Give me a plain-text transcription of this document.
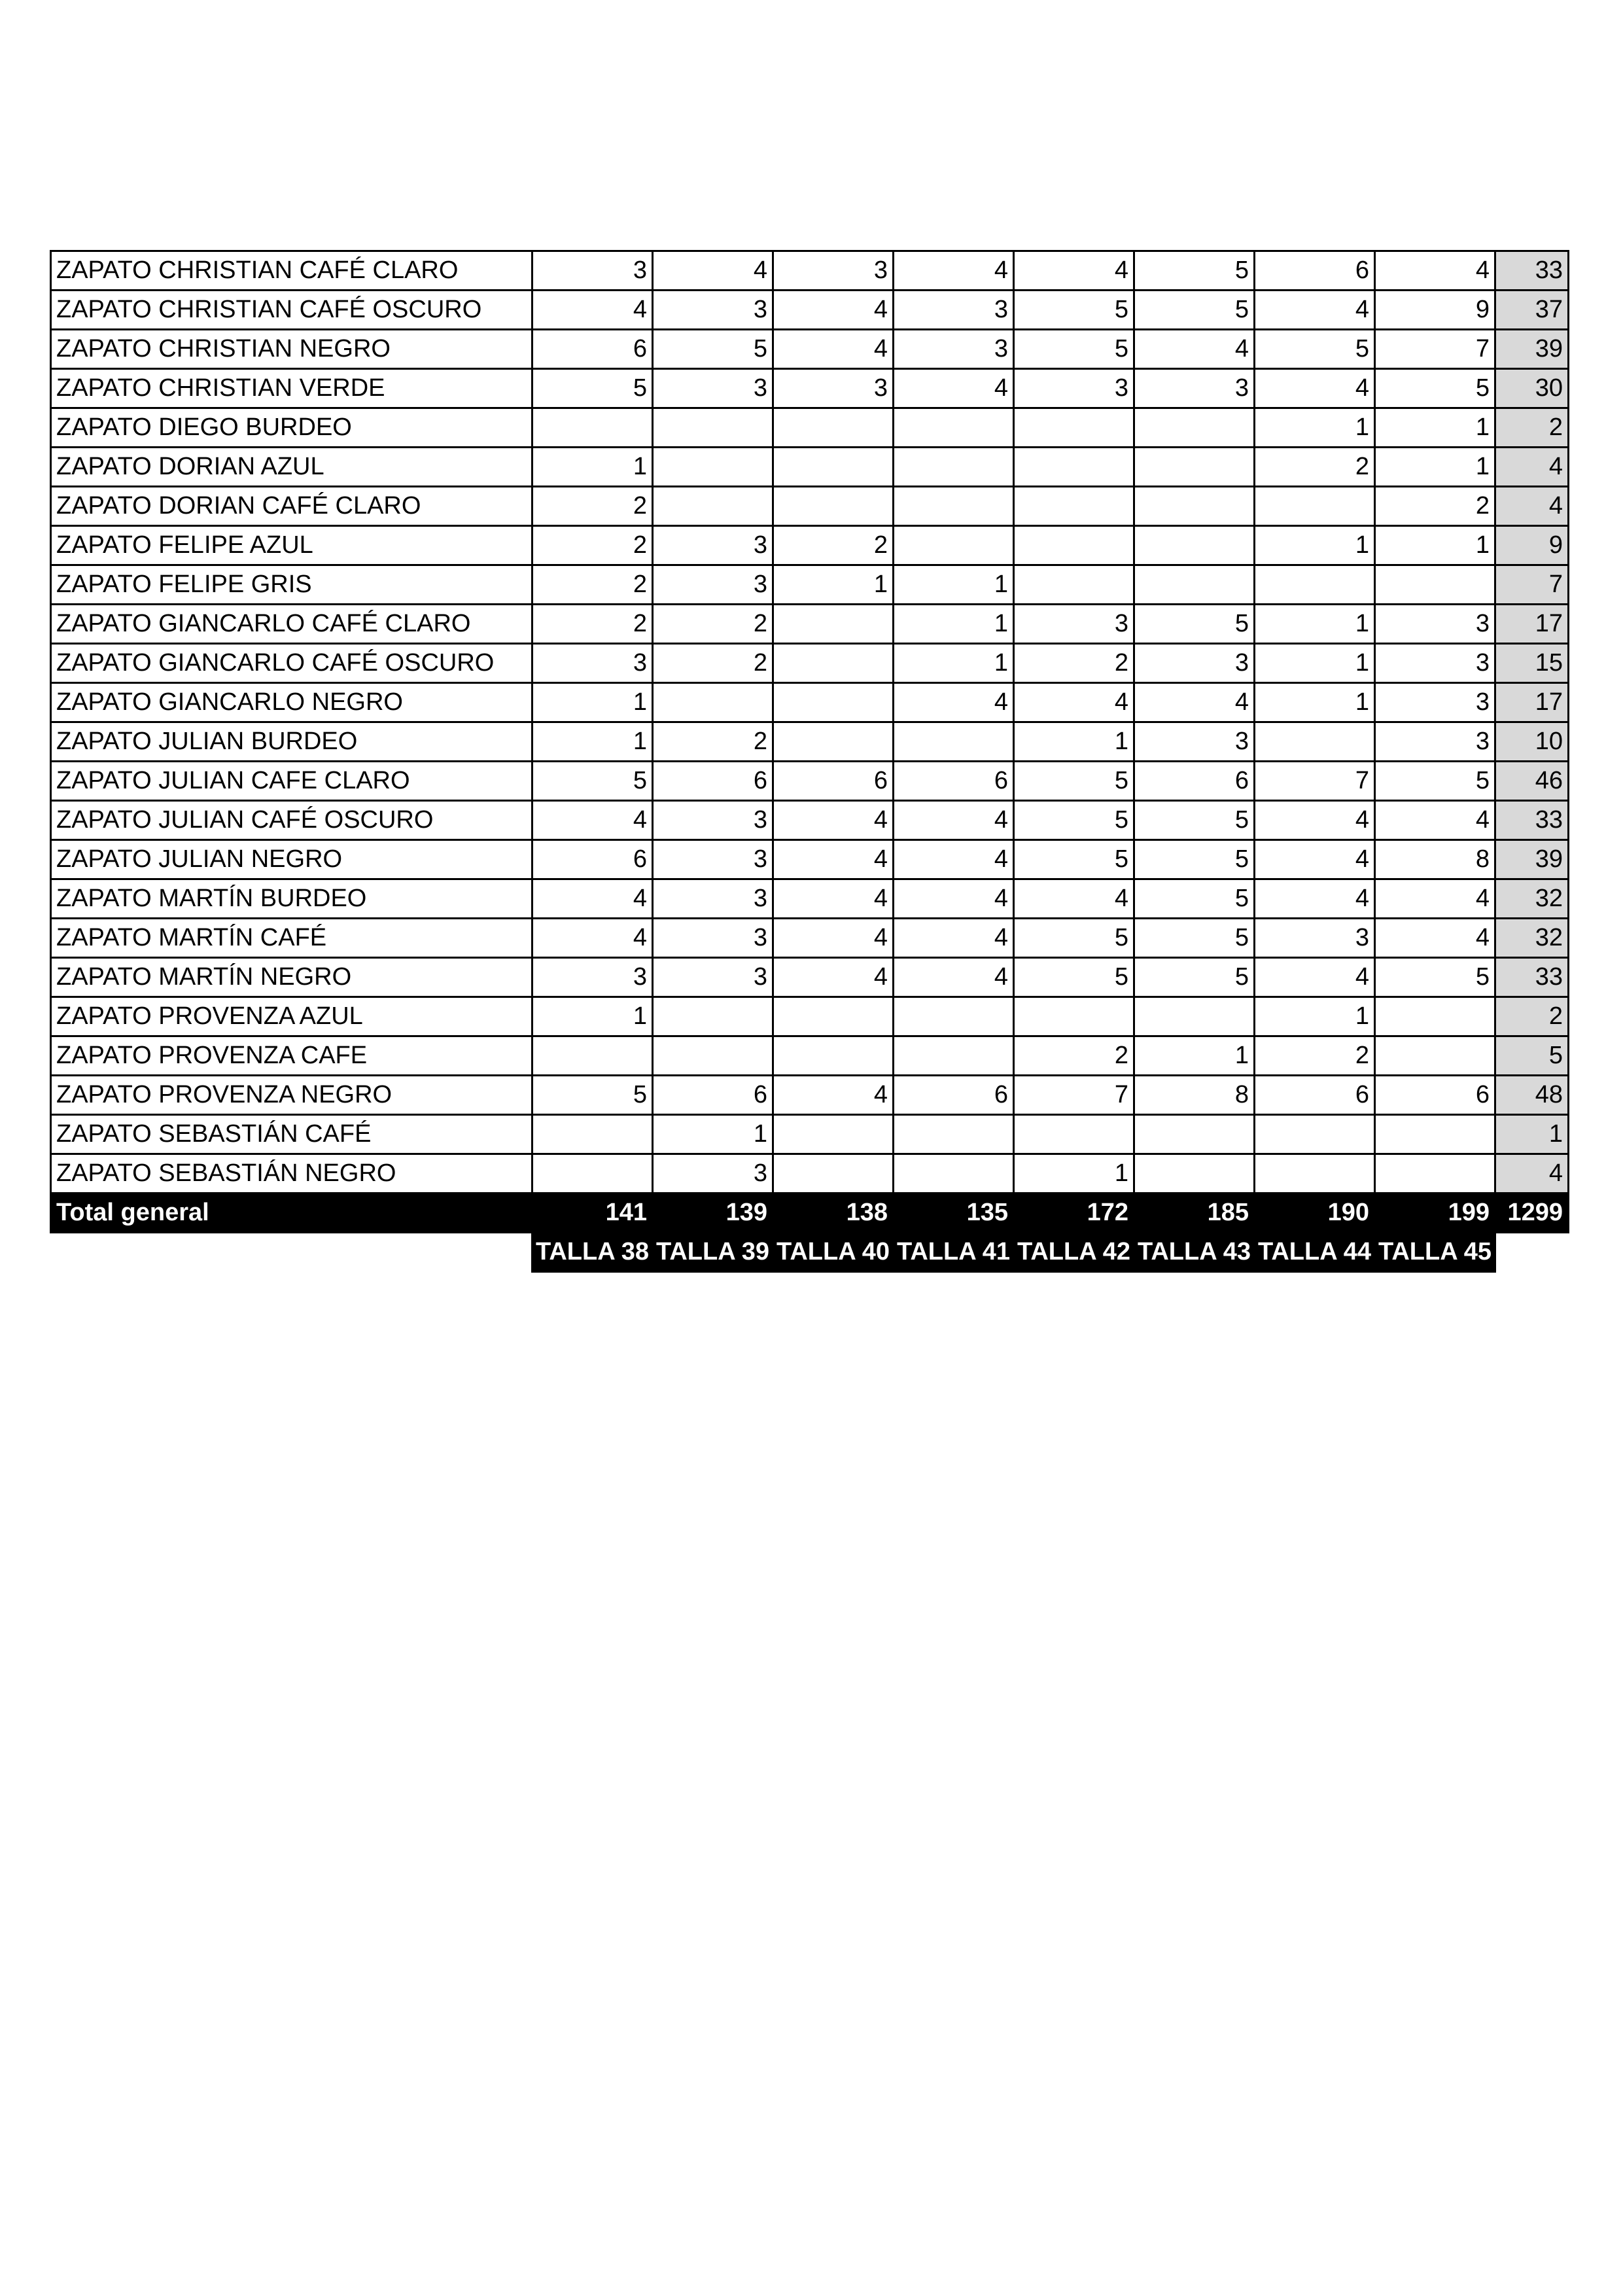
ZAPATO CHRISTIAN CAFÉ CLARO	3	4	3	4	4	5	6	4	33
ZAPATO CHRISTIAN CAFÉ OSCURO	4	3	4	3	5	5	4	9	37
ZAPATO CHRISTIAN NEGRO	6	5	4	3	5	4	5	7	39
ZAPATO CHRISTIAN VERDE	5	3	3	4	3	3	4	5	30
ZAPATO DIEGO BURDEO							1	1	2
ZAPATO DORIAN AZUL	1						2	1	4
ZAPATO DORIAN CAFÉ CLARO	2							2	4
ZAPATO FELIPE AZUL	2	3	2				1	1	9
ZAPATO FELIPE GRIS	2	3	1	1					7
ZAPATO GIANCARLO CAFÉ CLARO	2	2		1	3	5	1	3	17
ZAPATO GIANCARLO CAFÉ OSCURO	3	2		1	2	3	1	3	15
ZAPATO GIANCARLO NEGRO	1			4	4	4	1	3	17
ZAPATO JULIAN BURDEO	1	2			1	3		3	10
ZAPATO JULIAN CAFE CLARO	5	6	6	6	5	6	7	5	46
ZAPATO JULIAN CAFÉ OSCURO	4	3	4	4	5	5	4	4	33
ZAPATO JULIAN NEGRO	6	3	4	4	5	5	4	8	39
ZAPATO MARTÍN BURDEO	4	3	4	4	4	5	4	4	32
ZAPATO MARTÍN CAFÉ	4	3	4	4	5	5	3	4	32
ZAPATO MARTÍN NEGRO	3	3	4	4	5	5	4	5	33
ZAPATO PROVENZA AZUL	1						1		2
ZAPATO PROVENZA CAFE					2	1	2		5
ZAPATO PROVENZA NEGRO	5	6	4	6	7	8	6	6	48
ZAPATO SEBASTIÁN CAFÉ		1							1
ZAPATO SEBASTIÁN NEGRO		3			1				4
Total general	141	139	138	135	172	185	190	199	1299
	TALLA 38	TALLA 39	TALLA 40	TALLA 41	TALLA 42	TALLA 43	TALLA 44	TALLA 45	
